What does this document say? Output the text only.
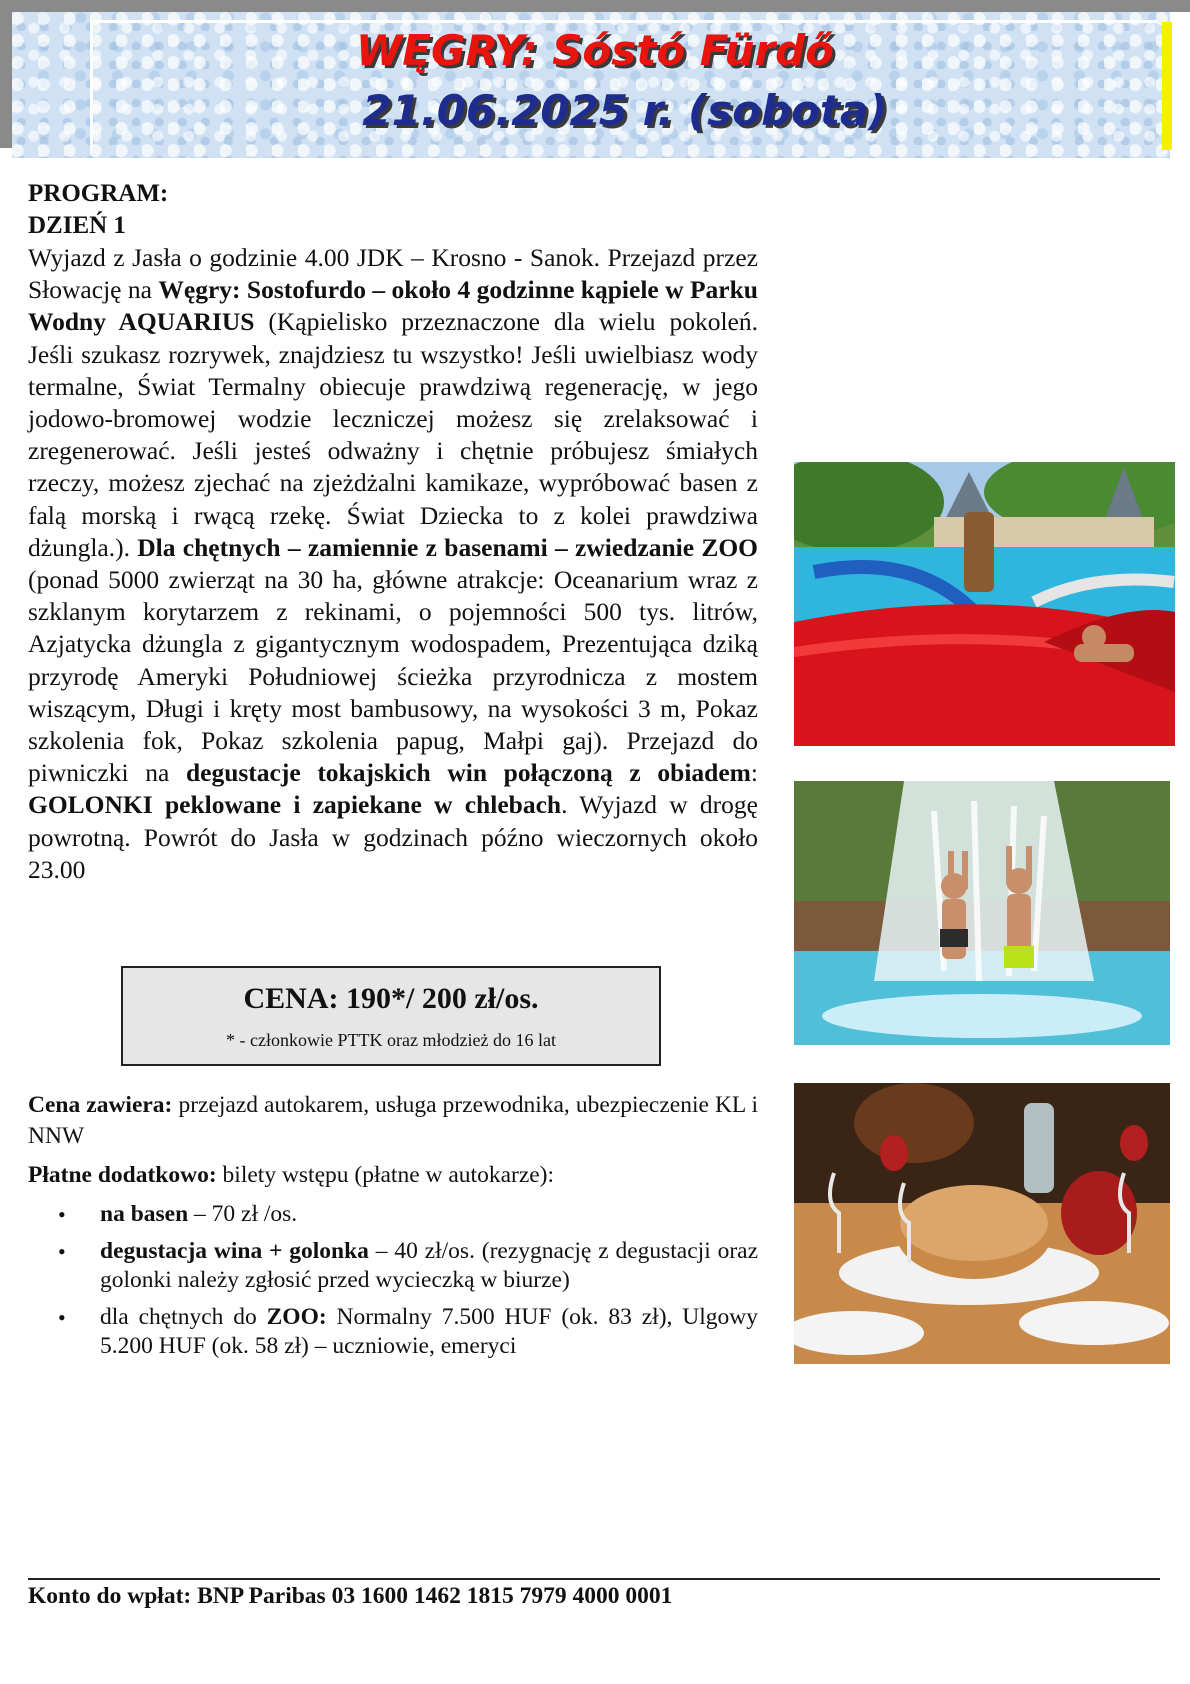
WĘGRY: Sóstó Fürdő
21.06.2025 r. (sobota)

PROGRAM:

DZIEŃ 1

Wyjazd z Jasła o godzinie 4.00 JDK – Krosno - Sanok. Przejazd przez Słowację na Węgry: Sostofurdo – około 4 godzinne kąpiele w Parku Wodny AQUARIUS (Kąpielisko przeznaczone dla wielu pokoleń. Jeśli szukasz rozrywek, znajdziesz tu wszystko! Jeśli uwielbiasz wody termalne, Świat Termalny obiecuje prawdziwą regenerację, w jego jodowo-bromowej wodzie leczniczej możesz się zrelaksować i zregenerować. Jeśli jesteś odważny i chętnie próbujesz śmiałych rzeczy, możesz zjechać na zjeżdżalni kamikaze, wypróbować basen z falą morską i rwącą rzekę. Świat Dziecka to z kolei prawdziwa dżungla.). Dla chętnych – zamiennie z basenami – zwiedzanie ZOO (ponad 5000 zwierząt na 30 ha, główne atrakcje: Oceanarium wraz z szklanym korytarzem z rekinami, o pojemności 500 tys. litrów, Azjatycka dżungla z gigantycznym wodospadem, Prezentująca dziką przyrodę Ameryki Południowej ścieżka przyrodnicza z mostem wiszącym, Długi i kręty most bambusowy, na wysokości 3 m, Pokaz szkolenia fok, Pokaz szkolenia papug, Małpi gaj). Przejazd do piwniczki na degustacje tokajskich win połączoną z obiadem: GOLONKI peklowane i zapiekane w chlebach. Wyjazd w drogę powrotną. Powrót do Jasła w godzinach późno wieczornych około 23.00

CENA: 190*/ 200 zł/os.
* - członkowie PTTK oraz młodzież do 16 lat
Cena zawiera: przejazd autokarem, usługa przewodnika, ubezpieczenie KL i NNW
Płatne dodatkowo: bilety wstępu (płatne w autokarze):
• na basen – 70 zł /os.
• degustacja wina + golonka – 40 zł/os. (rezygnację z degustacji oraz golonki należy zgłosić przed wycieczką w biurze)
• dla chętnych do ZOO: Normalny 7.500 HUF (ok. 83 zł), Ulgowy 5.200 HUF (ok. 58 zł) – uczniowie, emeryci
Konto do wpłat: BNP Paribas 03 1600 1462 1815 7979 4000 0001
